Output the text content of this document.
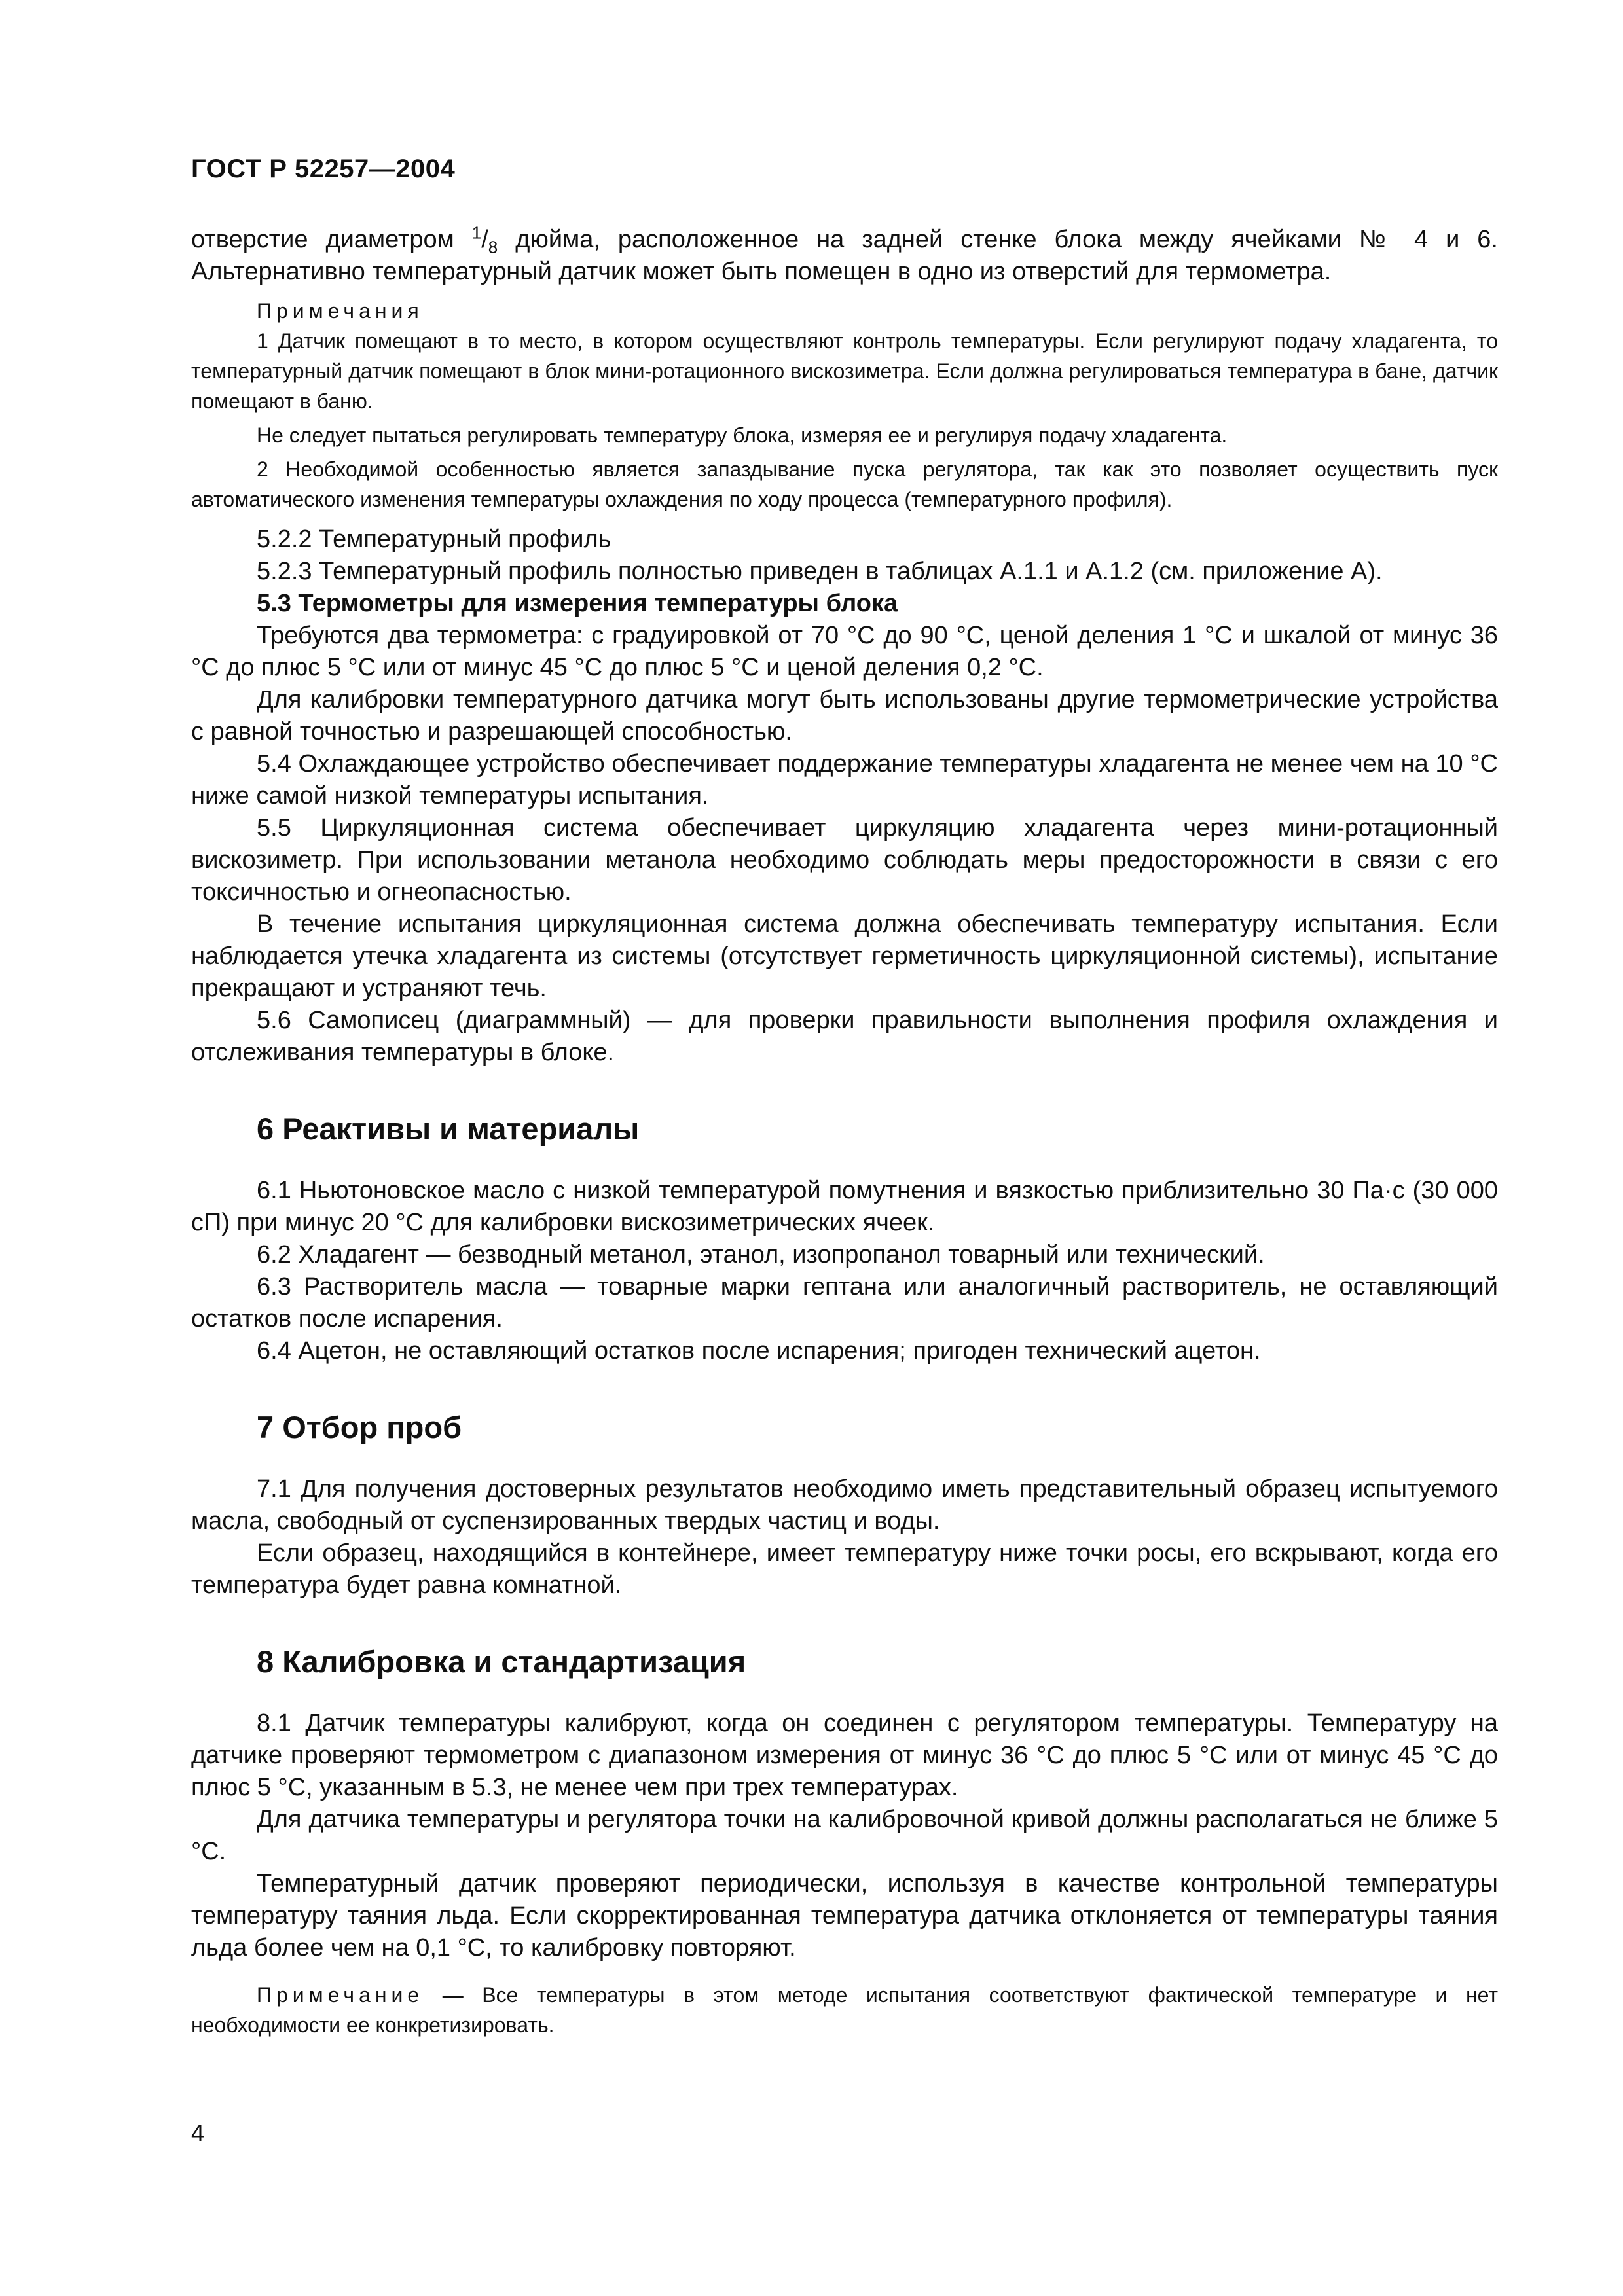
ГОСТ Р 52257—2004

отверстие диаметром $^1/_8$ дюйма, расположенное на задней стенке блока между ячейками № 4 и 6. Альтернативно температурный датчик может быть помещен в одно из отверстий для термометра.

Примечания

1 Датчик помещают в то место, в котором осуществляют контроль температуры. Если регулируют подачу хладагента, то температурный датчик помещают в блок мини-ротационного вискозиметра. Если должна регулироваться температура в бане, датчик помещают в баню.

Не следует пытаться регулировать температуру блока, измеряя ее и регулируя подачу хладагента.

2 Необходимой особенностью является запаздывание пуска регулятора, так как это позволяет осуществить пуск автоматического изменения температуры охлаждения по ходу процесса (температурного профиля).

5.2.2 Температурный профиль

5.2.3 Температурный профиль полностью приведен в таблицах А.1.1 и А.1.2 (см. приложение А).

5.3 Термометры для измерения температуры блока

Требуются два термометра: с градуировкой от 70 °С до 90 °С, ценой деления 1 °С и шкалой от минус 36 °С до плюс 5 °С или от минус 45 °С до плюс 5 °С и ценой деления 0,2 °С.

Для калибровки температурного датчика могут быть использованы другие термометрические устройства с равной точностью и разрешающей способностью.

5.4 Охлаждающее устройство обеспечивает поддержание температуры хладагента не менее чем на 10 °С ниже самой низкой температуры испытания.

5.5 Циркуляционная система обеспечивает циркуляцию хладагента через мини-ротационный вискозиметр. При использовании метанола необходимо соблюдать меры предосторожности в связи с его токсичностью и огнеопасностью.

В течение испытания циркуляционная система должна обеспечивать температуру испытания. Если наблюдается утечка хладагента из системы (отсутствует герметичность циркуляционной системы), испытание прекращают и устраняют течь.

5.6 Самописец (диаграммный) — для проверки правильности выполнения профиля охлаждения и отслеживания температуры в блоке.

6 Реактивы и материалы

6.1 Ньютоновское масло с низкой температурой помутнения и вязкостью приблизительно 30 Па·с (30 000 сП) при минус 20 °С для калибровки вискозиметрических ячеек.

6.2 Хладагент — безводный метанол, этанол, изопропанол товарный или технический.

6.3 Растворитель масла — товарные марки гептана или аналогичный растворитель, не оставляющий остатков после испарения.

6.4 Ацетон, не оставляющий остатков после испарения; пригоден технический ацетон.

7 Отбор проб

7.1 Для получения достоверных результатов необходимо иметь представительный образец испытуемого масла, свободный от суспензированных твердых частиц и воды.

Если образец, находящийся в контейнере, имеет температуру ниже точки росы, его вскрывают, когда его температура будет равна комнатной.

8 Калибровка и стандартизация

8.1 Датчик температуры калибруют, когда он соединен с регулятором температуры. Температуру на датчике проверяют термометром с диапазоном измерения от минус 36 °С до плюс 5 °С или от минус 45 °С до плюс 5 °С, указанным в 5.3, не менее чем при трех температурах.

Для датчика температуры и регулятора точки на калибровочной кривой должны располагаться не ближе 5 °С.

Температурный датчик проверяют периодически, используя в качестве контрольной температуры температуру таяния льда. Если скорректированная температура датчика отклоняется от температуры таяния льда более чем на 0,1 °С, то калибровку повторяют.

Примечание — Все температуры в этом методе испытания соответствуют фактической температуре и нет необходимости ее конкретизировать.

4
